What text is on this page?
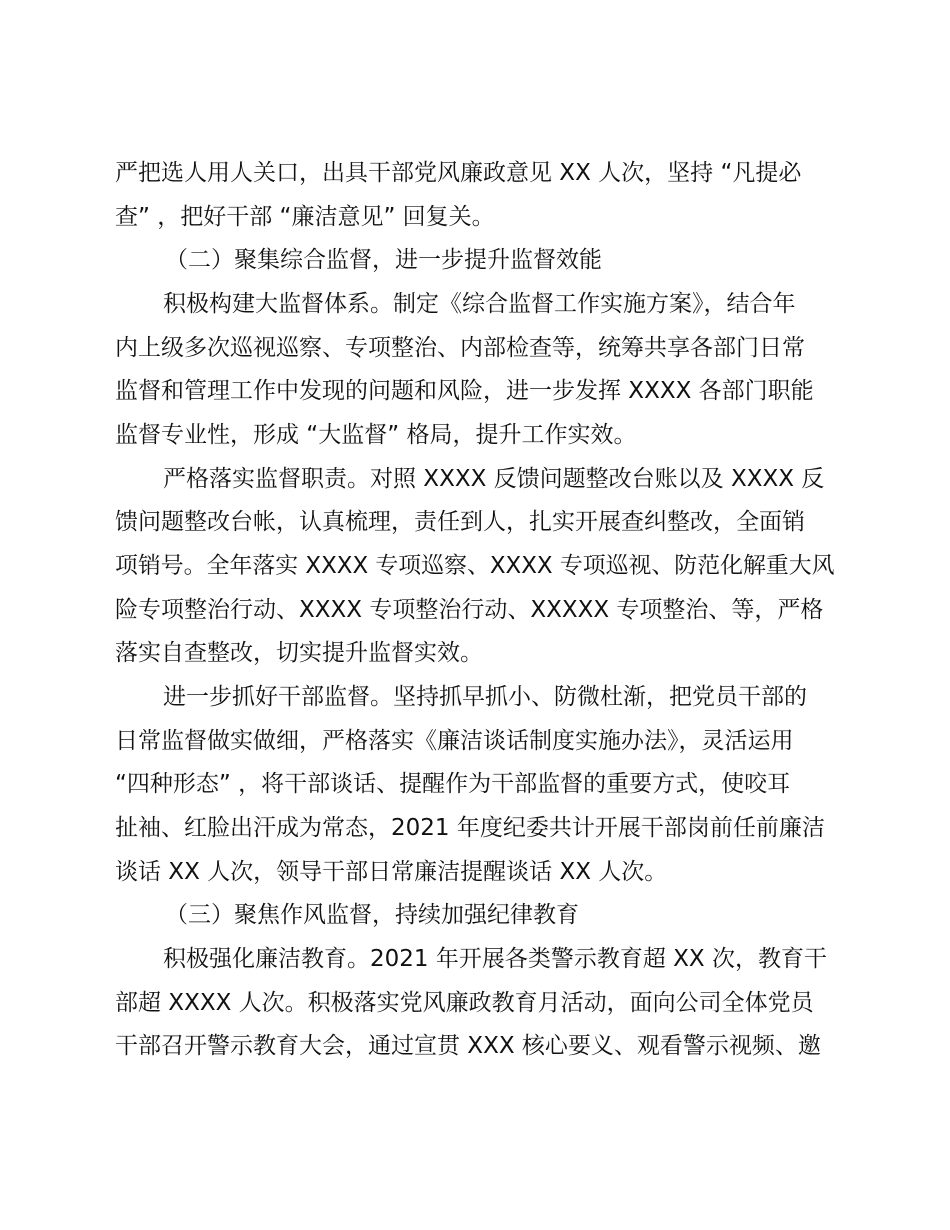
严把选人用人关口，出具干部党风廉政意见 XX 人次，坚持 “凡提必
查” ，把好干部 “廉洁意见” 回复关。
（二）聚集综合监督，进一步提升监督效能
积极构建大监督体系。制定《综合监督工作实施方案》，结合年
内上级多次巡视巡察、专项整治、内部检查等，统筹共享各部门日常
监督和管理工作中发现的问题和风险，进一步发挥 XXXX 各部门职能
监督专业性，形成 “大监督” 格局，提升工作实效。
严格落实监督职责。对照 XXXX 反馈问题整改台账以及 XXXX 反
馈问题整改台帐，认真梳理，责任到人，扎实开展查纠整改，全面销
项销号。全年落实 XXXX 专项巡察、XXXX 专项巡视、防范化解重大风
险专项整治行动、XXXX 专项整治行动、XXXXX 专项整治、等，严格
落实自查整改，切实提升监督实效。
进一步抓好干部监督。坚持抓早抓小、防微杜渐，把党员干部的
日常监督做实做细，严格落实《廉洁谈话制度实施办法》，灵活运用
“四种形态” ，将干部谈话、提醒作为干部监督的重要方式，使咬耳
扯袖、红脸出汗成为常态，2021 年度纪委共计开展干部岗前任前廉洁
谈话 XX 人次，领导干部日常廉洁提醒谈话 XX 人次。
（三）聚焦作风监督，持续加强纪律教育
积极强化廉洁教育。2021 年开展各类警示教育超 XX 次，教育干
部超 XXXX 人次。积极落实党风廉政教育月活动，面向公司全体党员
干部召开警示教育大会，通过宣贯 XXX 核心要义、观看警示视频、邀
